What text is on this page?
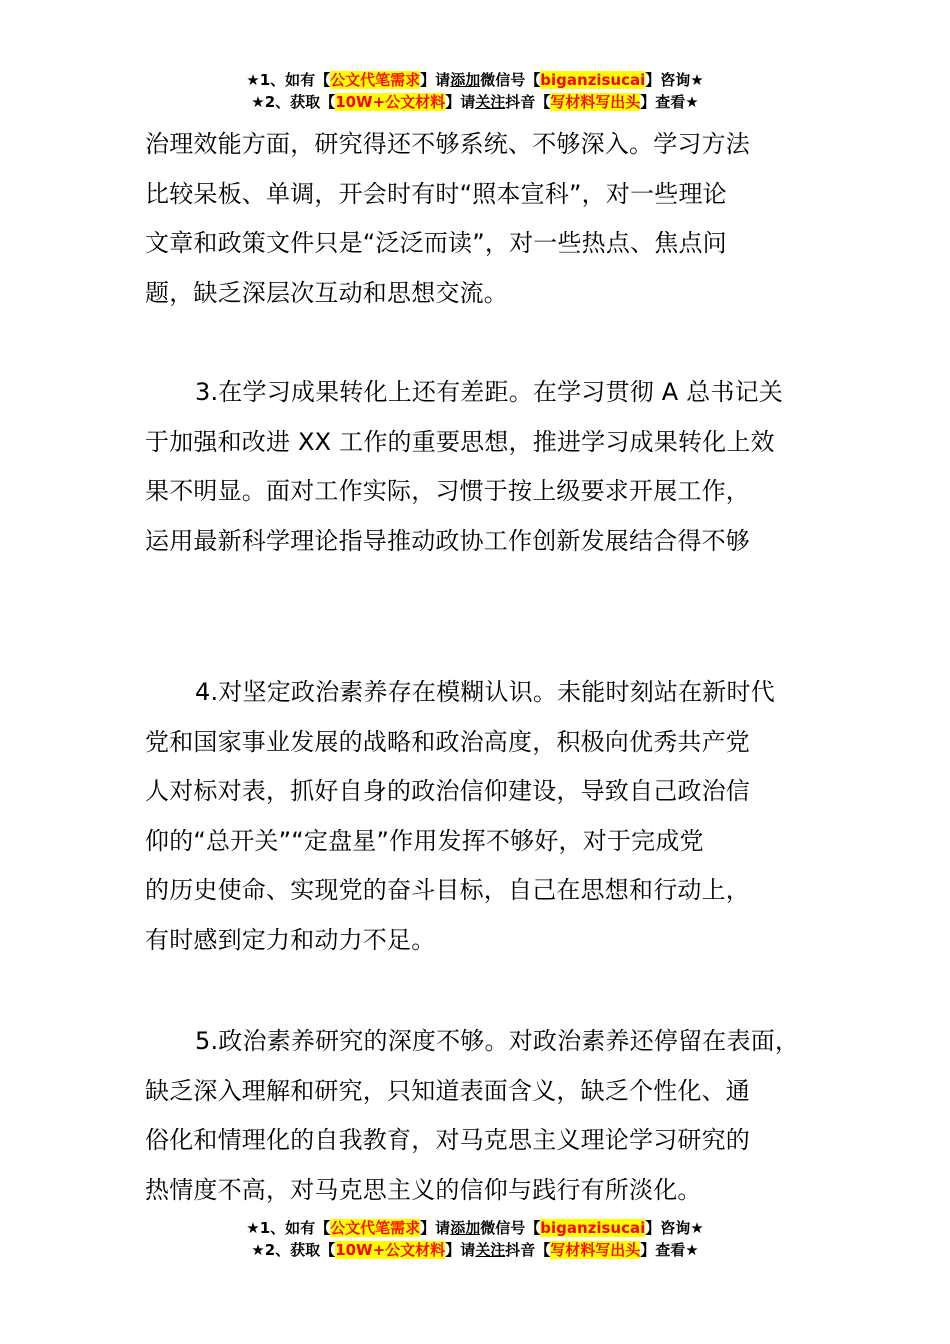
★1、如有【公文代笔需求】请添加微信号【biganzisucai】咨询★
★2、获取【10W+公文材料】请关注抖音【写材料写出头】查看★
治理效能方面，研究得还不够系统、不够深入。学习方法
比较呆板、单调，开会时有时“照本宣科”，对一些理论
文章和政策文件只是“泛泛而读”，对一些热点、焦点问
题，缺乏深层次互动和思想交流。
3.在学习成果转化上还有差距。在学习贯彻 A 总书记关
于加强和改进 XX 工作的重要思想，推进学习成果转化上效
果不明显。面对工作实际，习惯于按上级要求开展工作，
运用最新科学理论指导推动政协工作创新发展结合得不够
4.对坚定政治素养存在模糊认识。未能时刻站在新时代
党和国家事业发展的战略和政治高度，积极向优秀共产党
人对标对表，抓好自身的政治信仰建设，导致自己政治信
仰的“总开关”“定盘星”作用发挥不够好，对于完成党
的历史使命、实现党的奋斗目标，自己在思想和行动上，
有时感到定力和动力不足。
5.政治素养研究的深度不够。对政治素养还停留在表面，
缺乏深入理解和研究，只知道表面含义，缺乏个性化、通
俗化和情理化的自我教育，对马克思主义理论学习研究的
热情度不高，对马克思主义的信仰与践行有所淡化。
★1、如有【公文代笔需求】请添加微信号【biganzisucai】咨询★
★2、获取【10W+公文材料】请关注抖音【写材料写出头】查看★
